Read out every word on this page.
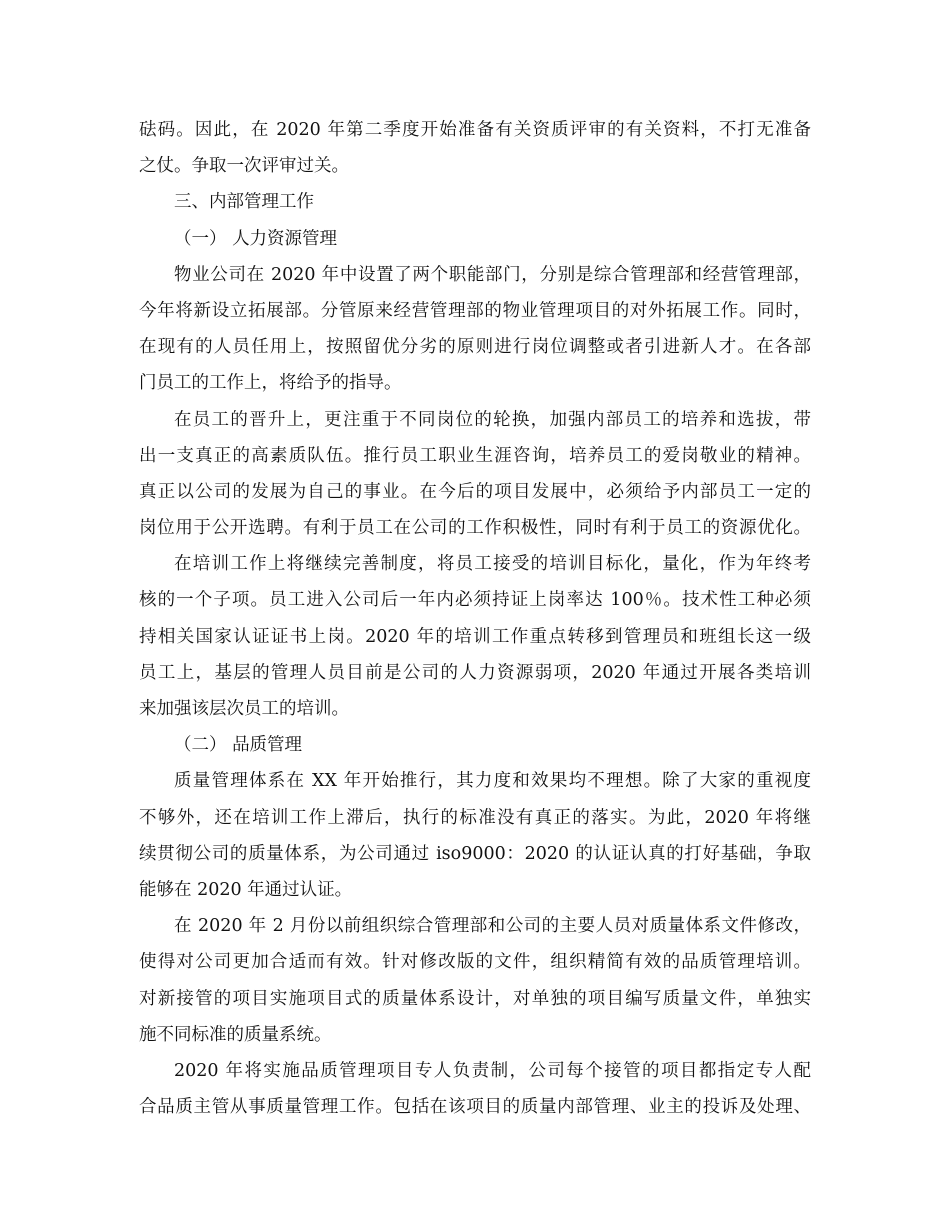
砝码。因此，在 2020 年第二季度开始准备有关资质评审的有关资料，不打无准备
之仗。争取一次评审过关。
三、内部管理工作
（一） 人力资源管理
物业公司在 2020 年中设置了两个职能部门，分别是综合管理部和经营管理部，
今年将新设立拓展部。分管原来经营管理部的物业管理项目的对外拓展工作。同时，
在现有的人员任用上，按照留优分劣的原则进行岗位调整或者引进新人才。在各部
门员工的工作上，将给予的指导。
在员工的晋升上，更注重于不同岗位的轮换，加强内部员工的培养和选拔，带
出一支真正的高素质队伍。推行员工职业生涯咨询，培养员工的爱岗敬业的精神。
真正以公司的发展为自己的事业。在今后的项目发展中，必须给予内部员工一定的
岗位用于公开选聘。有利于员工在公司的工作积极性，同时有利于员工的资源优化。
在培训工作上将继续完善制度，将员工接受的培训目标化，量化，作为年终考
核的一个子项。员工进入公司后一年内必须持证上岗率达 100％。技术性工种必须
持相关国家认证证书上岗。2020 年的培训工作重点转移到管理员和班组长这一级
员工上，基层的管理人员目前是公司的人力资源弱项，2020 年通过开展各类培训
来加强该层次员工的培训。
（二） 品质管理
质量管理体系在 XX 年开始推行，其力度和效果均不理想。除了大家的重视度
不够外，还在培训工作上滞后，执行的标准没有真正的落实。为此，2020 年将继
续贯彻公司的质量体系，为公司通过 iso9000：2020 的认证认真的打好基础，争取
能够在 2020 年通过认证。
在 2020 年 2 月份以前组织综合管理部和公司的主要人员对质量体系文件修改，
使得对公司更加合适而有效。针对修改版的文件，组织精简有效的品质管理培训。
对新接管的项目实施项目式的质量体系设计，对单独的项目编写质量文件，单独实
施不同标准的质量系统。
2020 年将实施品质管理项目专人负责制，公司每个接管的项目都指定专人配
合品质主管从事质量管理工作。包括在该项目的质量内部管理、业主的投诉及处理、
